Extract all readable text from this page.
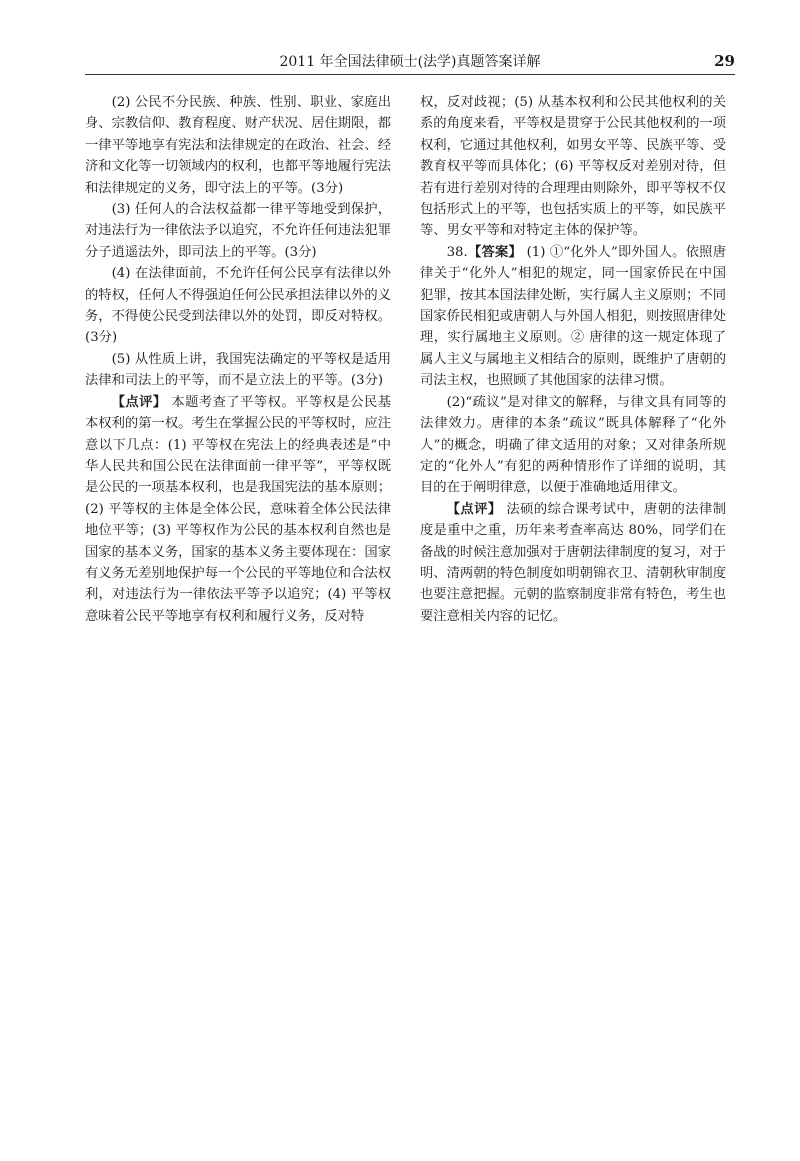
2011 年全国法律硕士(法学)真题答案详解	29

(2) 公民不分民族、种族、性别、职业、家庭出身、宗教信仰、教育程度、财产状况、居住期限，都一律平等地享有宪法和法律规定的在政治、社会、经济和文化等一切领域内的权利，也都平等地履行宪法和法律规定的义务，即守法上的平等。(3分)

(3) 任何人的合法权益都一律平等地受到保护，对违法行为一律依法予以追究，不允许任何违法犯罪分子逍遥法外，即司法上的平等。(3分)

(4) 在法律面前，不允许任何公民享有法律以外的特权，任何人不得强迫任何公民承担法律以外的义务，不得使公民受到法律以外的处罚，即反对特权。(3分)

(5) 从性质上讲，我国宪法确定的平等权是适用法律和司法上的平等，而不是立法上的平等。(3分)

【点评】 本题考查了平等权。平等权是公民基本权利的第一权。考生在掌握公民的平等权时，应注意以下几点：(1) 平等权在宪法上的经典表述是“中华人民共和国公民在法律面前一律平等”，平等权既是公民的一项基本权利，也是我国宪法的基本原则；(2) 平等权的主体是全体公民，意味着全体公民法律地位平等；(3) 平等权作为公民的基本权利自然也是国家的基本义务，国家的基本义务主要体现在：国家有义务无差别地保护每一个公民的平等地位和合法权利，对违法行为一律依法平等予以追究；(4) 平等权意味着公民平等地享有权利和履行义务，反对特

权，反对歧视；(5) 从基本权利和公民其他权利的关系的角度来看，平等权是贯穿于公民其他权利的一项权利，它通过其他权利，如男女平等、民族平等、受教育权平等而具体化；(6) 平等权反对差别对待，但若有进行差别对待的合理理由则除外，即平等权不仅包括形式上的平等，也包括实质上的平等，如民族平等、男女平等和对特定主体的保护等。

38.【答案】 (1) ①“化外人”即外国人。依照唐律关于“化外人”相犯的规定，同一国家侨民在中国犯罪，按其本国法律处断，实行属人主义原则；不同国家侨民相犯或唐朝人与外国人相犯，则按照唐律处理，实行属地主义原则。② 唐律的这一规定体现了属人主义与属地主义相结合的原则，既维护了唐朝的司法主权，也照顾了其他国家的法律习惯。

(2)“疏议”是对律文的解释，与律文具有同等的法律效力。唐律的本条“疏议”既具体解释了“化外人”的概念，明确了律文适用的对象；又对律条所规定的“化外人”有犯的两种情形作了详细的说明，其目的在于阐明律意，以便于准确地适用律文。

【点评】 法硕的综合课考试中，唐朝的法律制度是重中之重，历年来考查率高达 80%，同学们在备战的时候注意加强对于唐朝法律制度的复习，对于明、清两朝的特色制度如明朝锦衣卫、清朝秋审制度也要注意把握。元朝的监察制度非常有特色，考生也要注意相关内容的记忆。
